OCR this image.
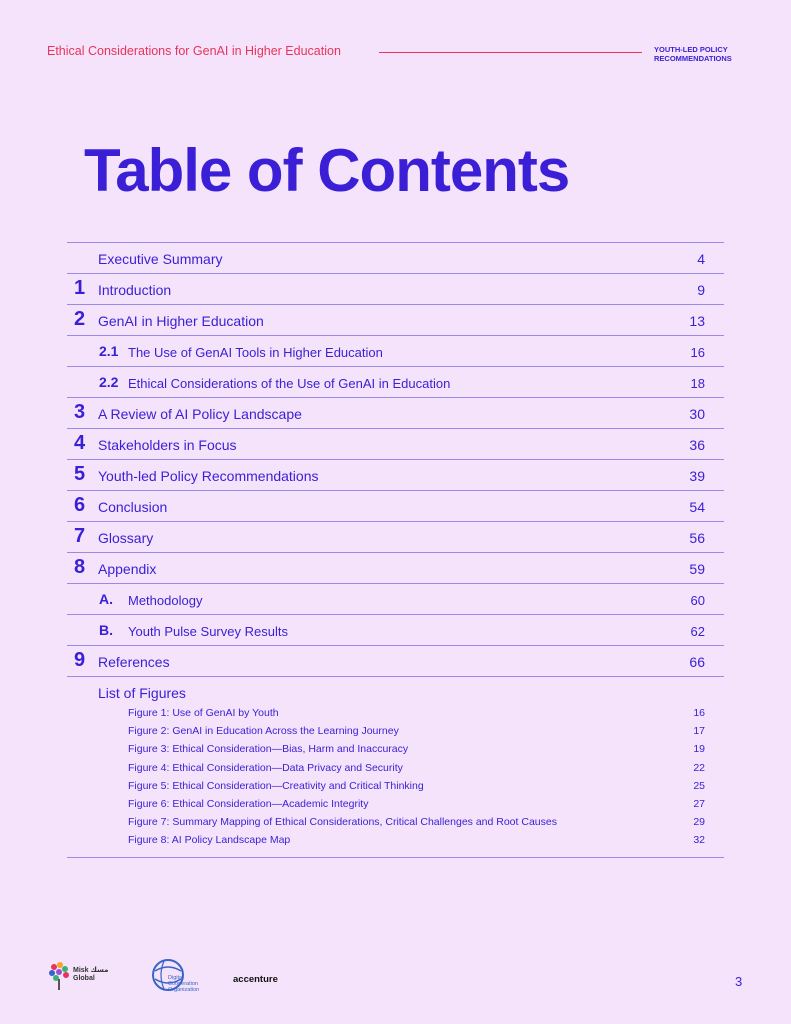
Ethical Considerations for GenAI in Higher Education	YOUTH-LED POLICY
RECOMMENDATIONS
Table of Contents
Executive Summary	4
1 Introduction	9
2 GenAI in Higher Education	13
2.1 The Use of GenAI Tools in Higher Education	16
2.2 Ethical Considerations of the Use of GenAI in Education	18
3 A Review of AI Policy Landscape	30
4 Stakeholders in Focus	36
5 Youth-led Policy Recommendations	39
6 Conclusion	54
7 Glossary	56
8 Appendix	59
A. Methodology	60
B. Youth Pulse Survey Results	62
9 References	66
List of Figures
Figure 1: Use of GenAI by Youth	16
Figure 2: GenAI in Education Across the Learning Journey	17
Figure 3: Ethical Consideration—Bias, Harm and Inaccuracy	19
Figure 4: Ethical Consideration—Data Privacy and Security	22
Figure 5: Ethical Consideration—Creativity and Critical Thinking	25
Figure 6: Ethical Consideration—Academic Integrity	27
Figure 7: Summary Mapping of Ethical Considerations, Critical Challenges and Root Causes	29
Figure 8: AI Policy Landscape Map	32
Misk مسك
Global	Digital
Cooperation
Organization
accenture	3
